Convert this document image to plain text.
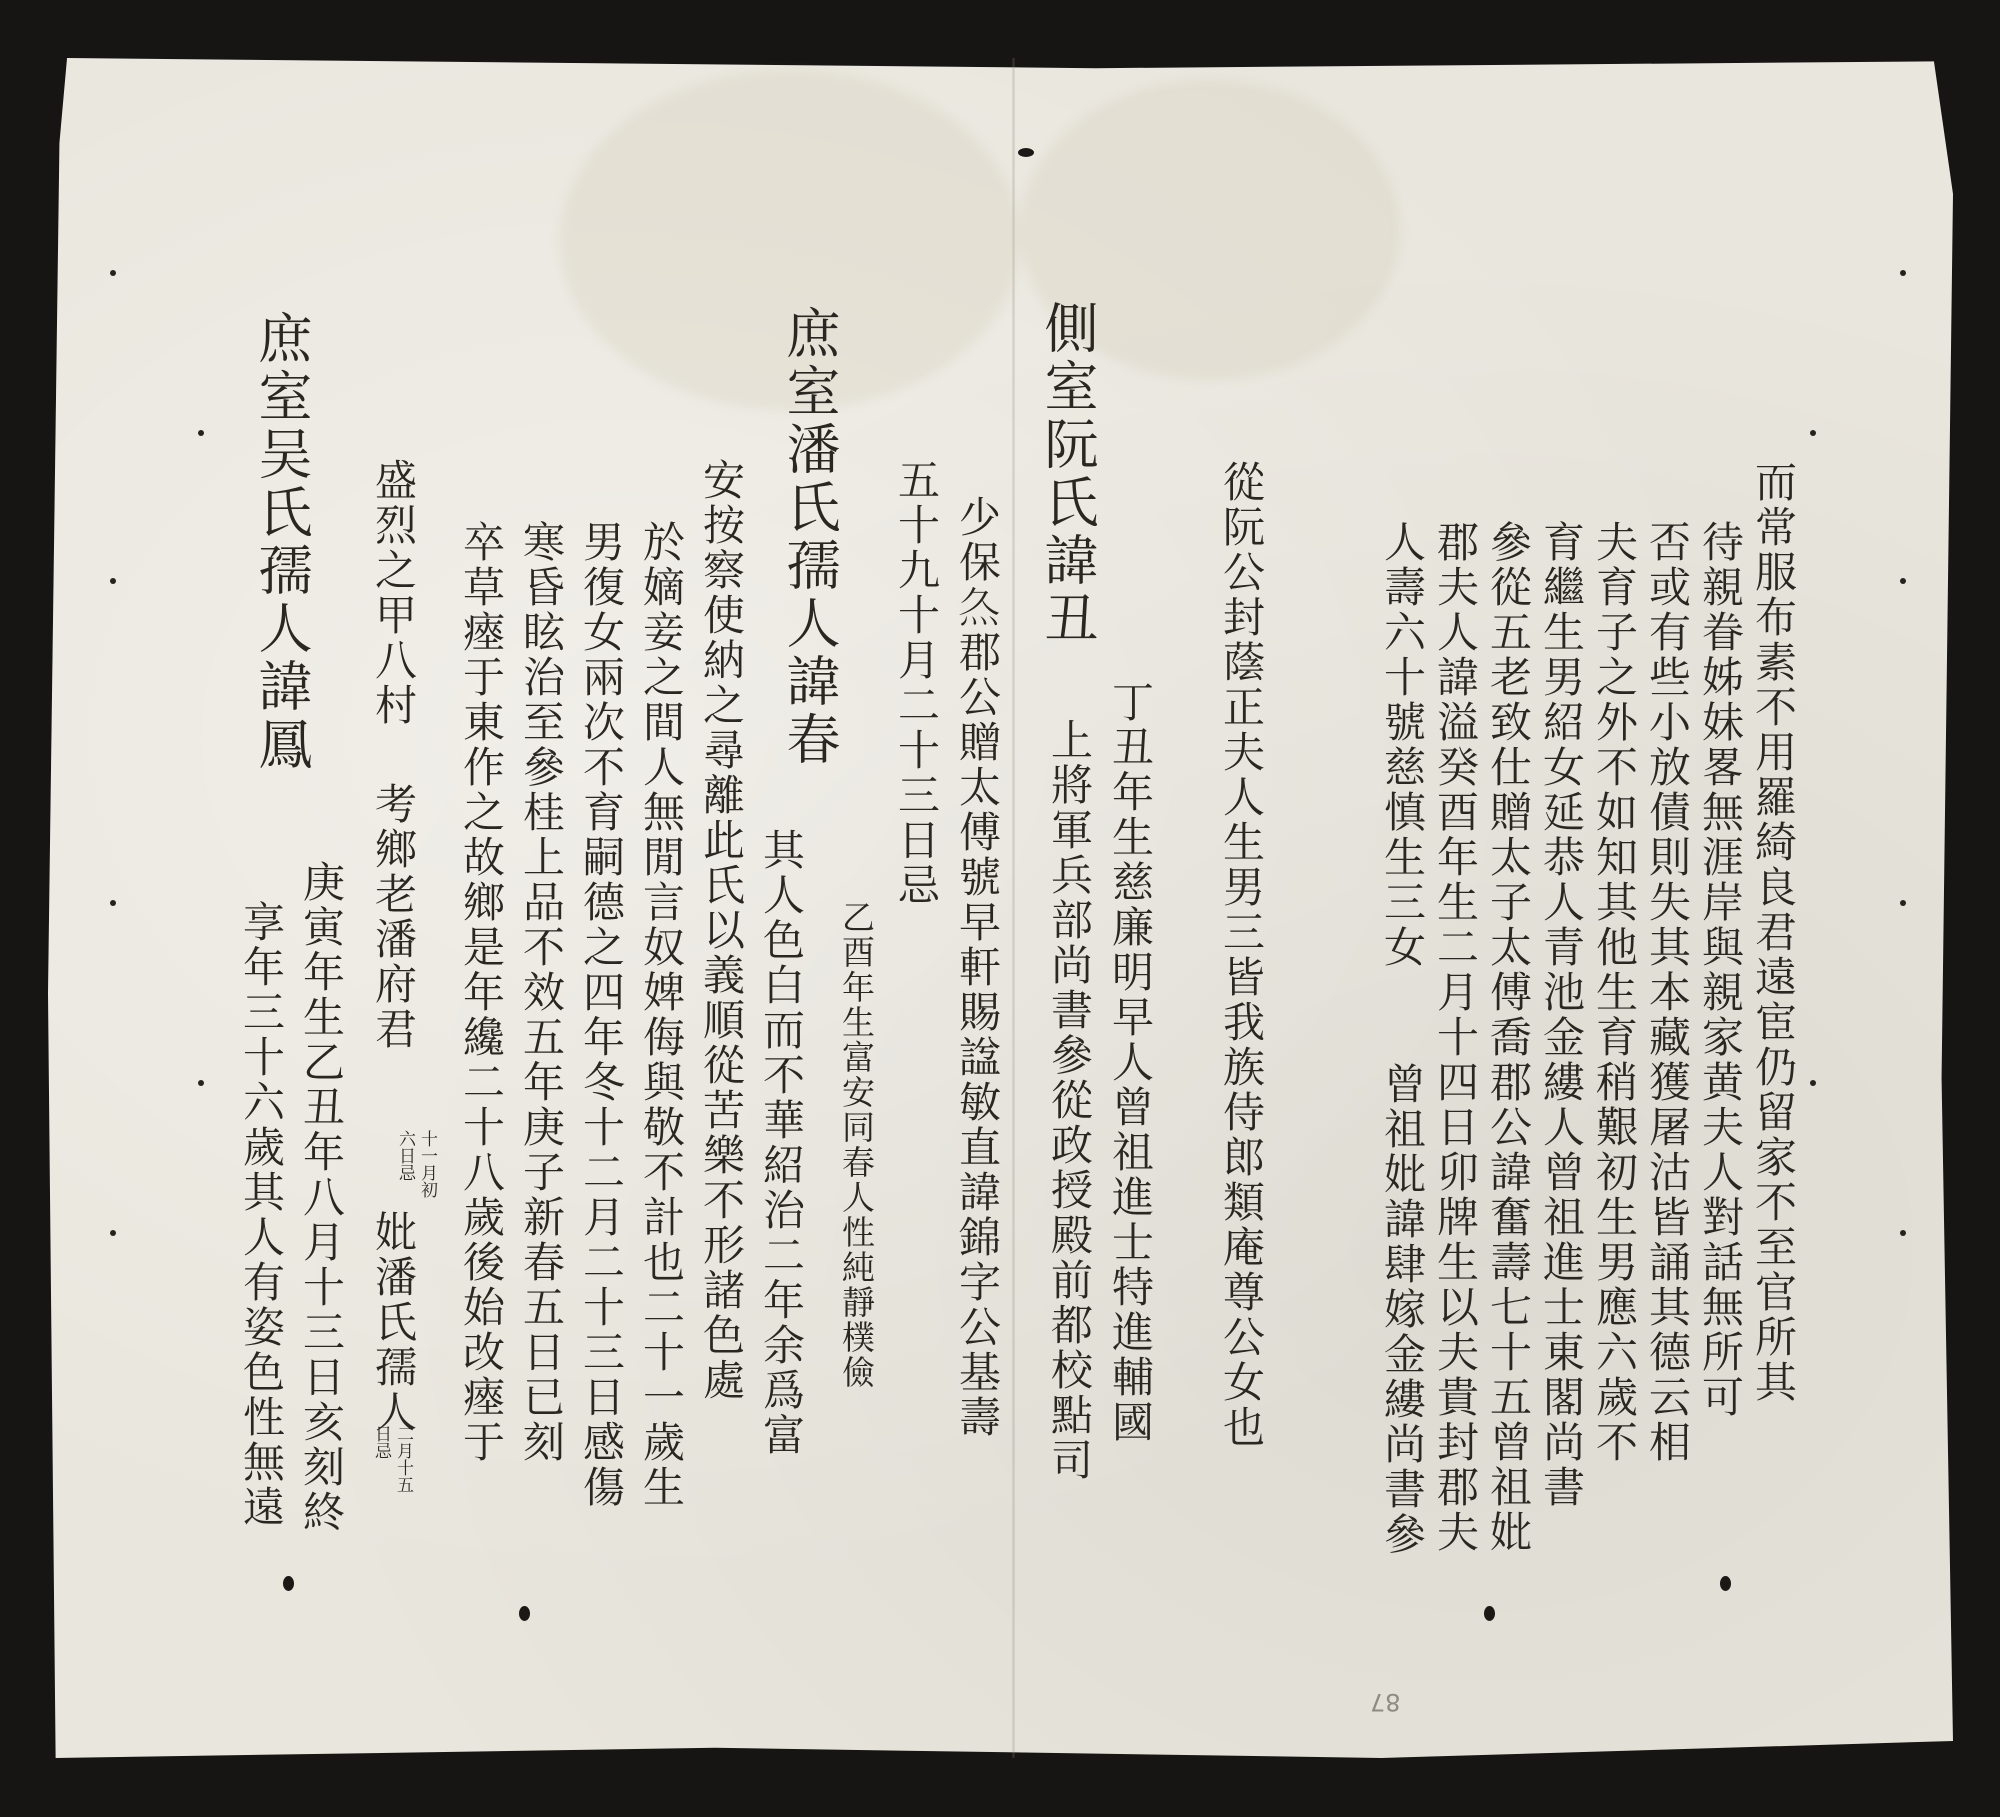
而常服布素不用羅綺良君遠宦仍留家不至官所其
待親眷姊妹畧無涯岸與親家黄夫人對話無所可
否或有些小放債則失其本藏獲屠沽皆誦其德云相
夫育子之外不如知其他生育稍艱初生男應六歲不
育繼生男紹女延恭人青池金縷人曾祖進士東閣尚書
參從五老致仕贈太子太傅喬郡公諱奮壽七十五曾祖妣
郡夫人諱溢癸酉年生二月十四日卯牌生以夫貴封郡夫
人壽六十號慈慎生三女
曾祖妣諱肆嫁金縷尚書參
從阮公封蔭正夫人生男三皆我族侍郎類庵尊公女也
側室阮氏諱丑
丁丑年生慈廉明早人曾祖進士特進輔國
上將軍兵部尚書參從政授殿前都校點司
少保𤆐郡公贈太傅號早軒賜諡敏直諱錦字公基壽
五十九十月二十三日忌
庶室潘氏孺人諱春
乙酉年生富安同春人性純靜樸儉
其人色白而不華紹治二年余爲富
安按察使納之尋離此氏以義順從苦樂不形諸色處
於嫡妾之間人無閒言奴婢侮與敬不計也二十一歲生
男復女兩次不育嗣德之四年冬十二月二十三日感傷
寒昏眩治至參桂上品不效五年庚子新春五日已刻
卒草瘞于東作之故鄉是年纔二十八歲後始改瘞于
盛烈之甲八村
考鄉老潘府君
十一月初
六日忌
妣潘氏孺人
二月十五
日忌
庶室吴氏孺人諱鳳
庚寅年生乙丑年八月十三日亥刻終
享年三十六歲其人有姿色性無遠
87
